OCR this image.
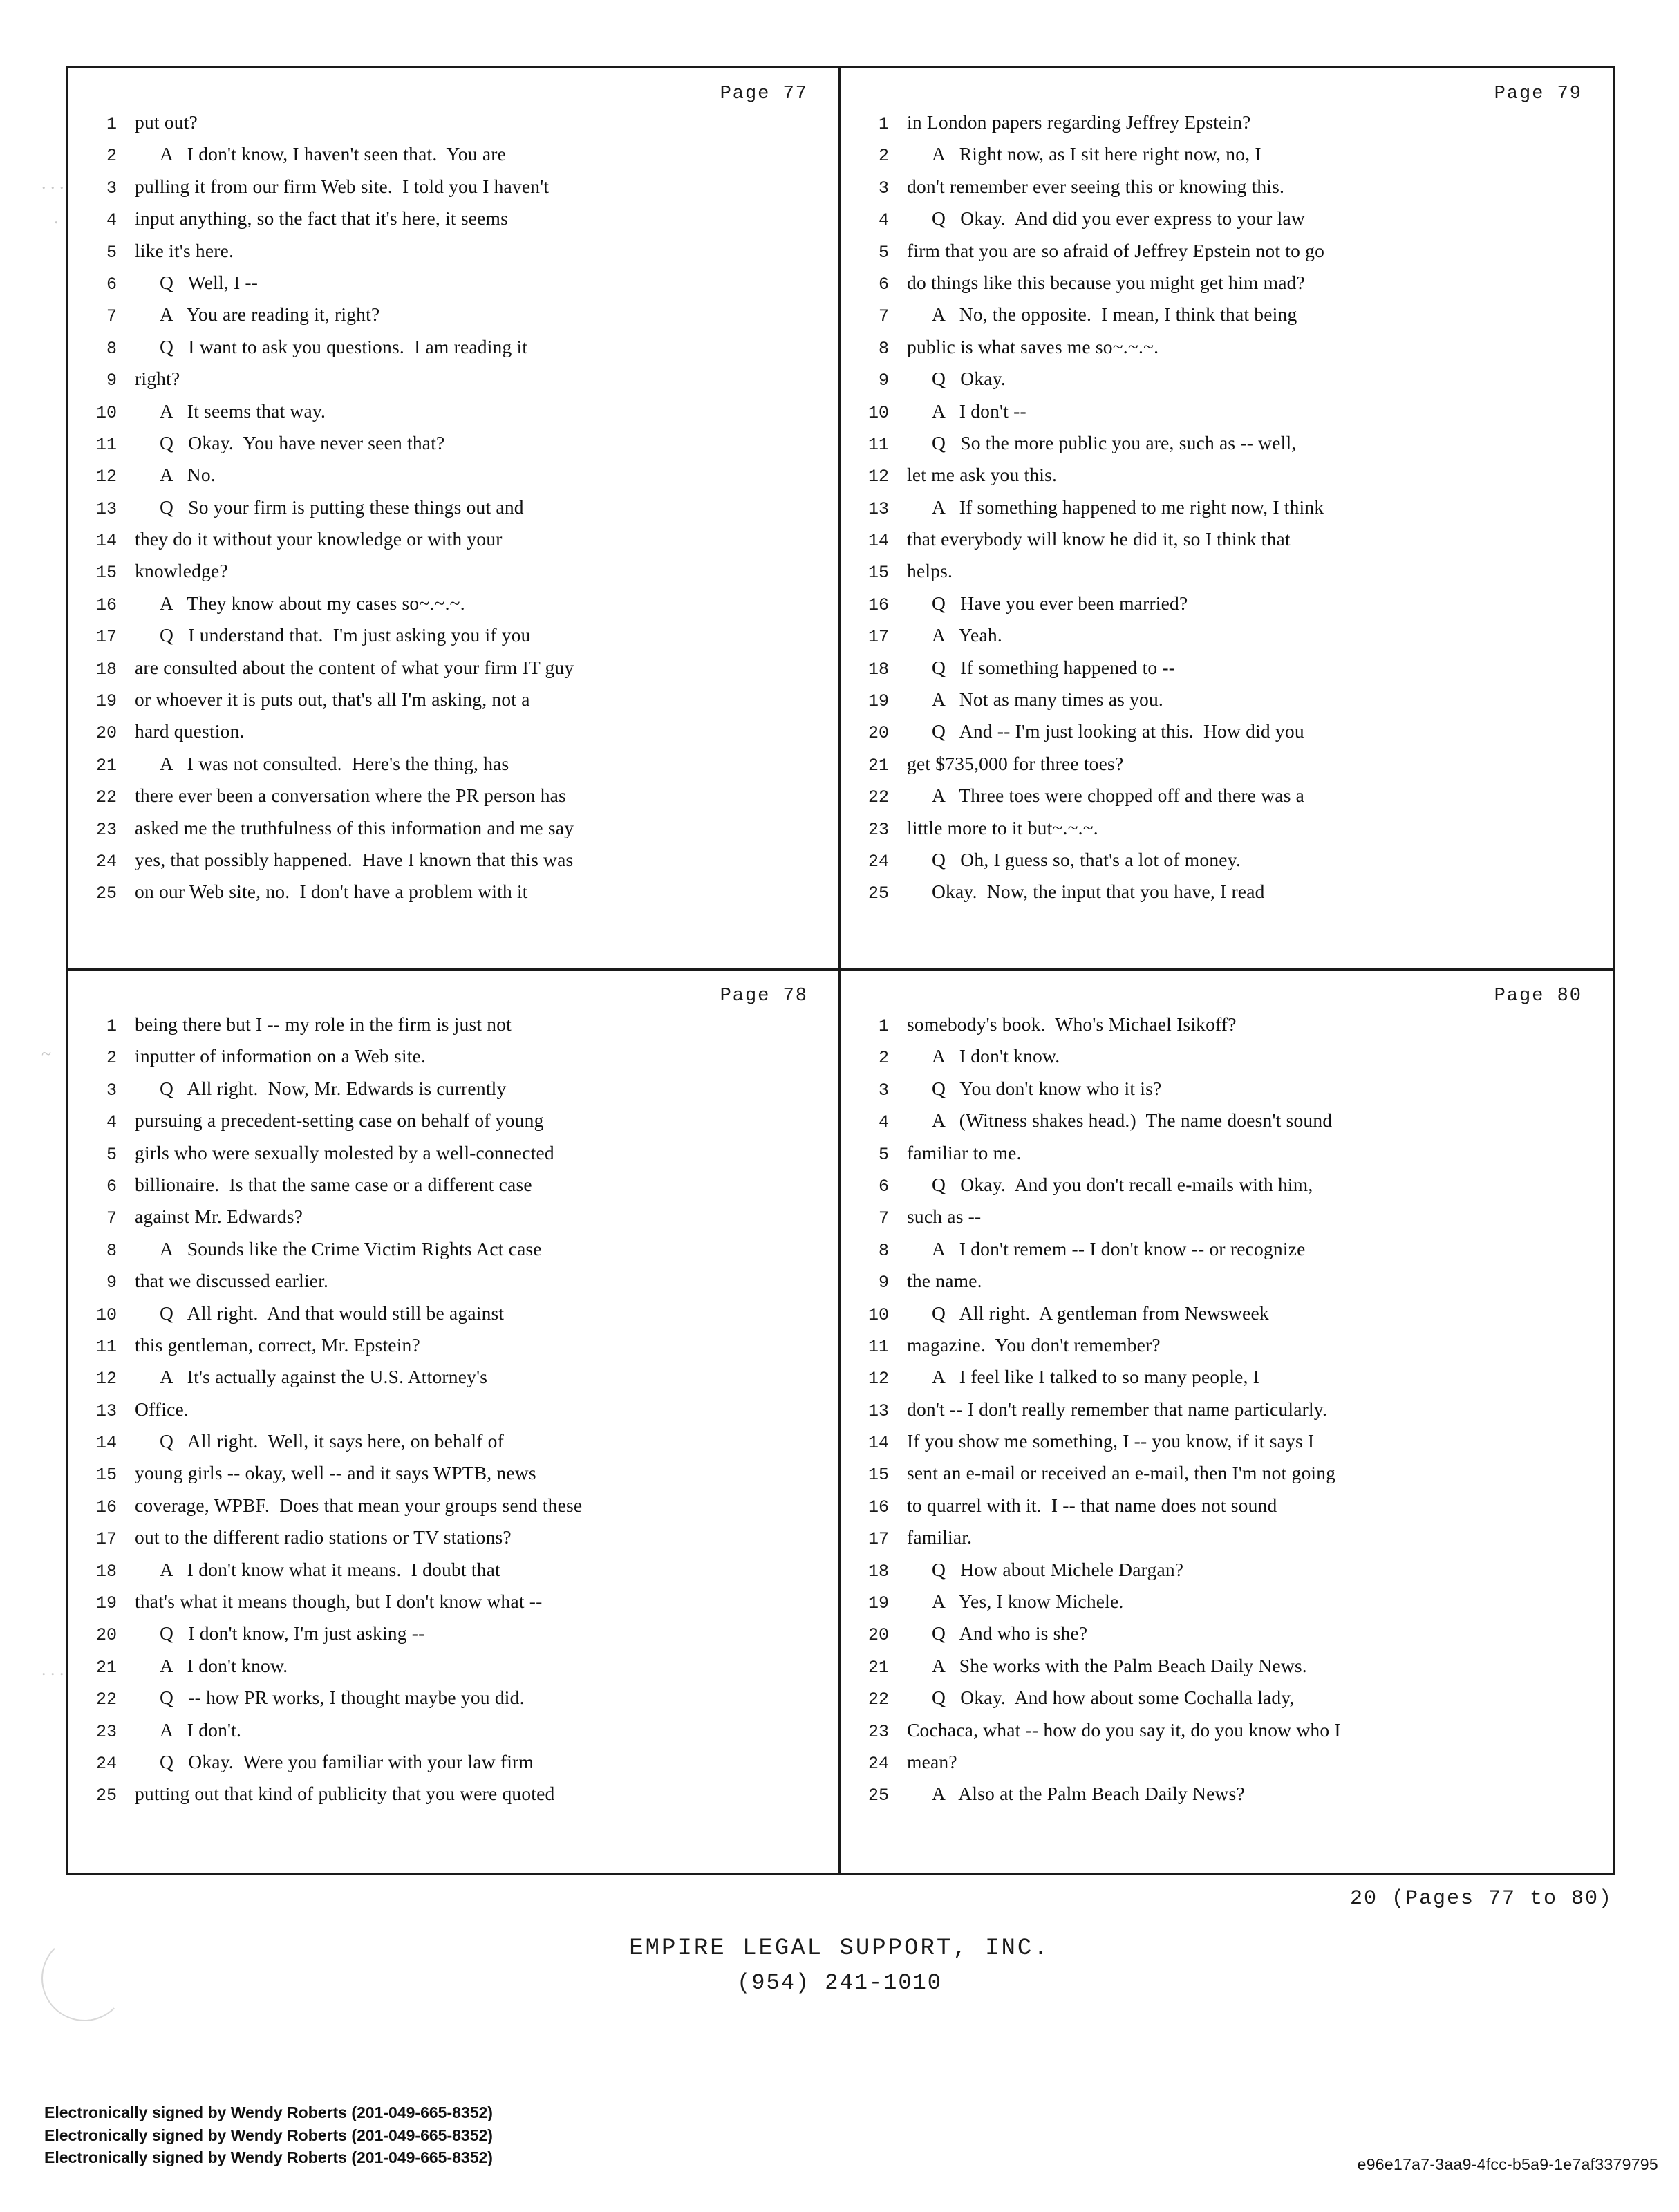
Page 77
1 put out?
2	A   I don't know, I haven't seen that.  You are
3 pulling it from our firm Web site.  I told you I haven't
4 input anything, so the fact that it's here, it seems
5 like it's here.
6	Q   Well, I --
7	A   You are reading it, right?
8	Q   I want to ask you questions.  I am reading it
9 right?
10	A   It seems that way.
11	Q   Okay.  You have never seen that?
12	A   No.
13	Q   So your firm is putting these things out and
14 they do it without your knowledge or with your
15 knowledge?
16	A   They know about my cases so~.~.~.
17	Q   I understand that.  I'm just asking you if you
18 are consulted about the content of what your firm IT guy
19 or whoever it is puts out, that's all I'm asking, not a
20 hard question.
21	A   I was not consulted.  Here's the thing, has
22 there ever been a conversation where the PR person has
23 asked me the truthfulness of this information and me say
24 yes, that possibly happened.  Have I known that this was
25 on our Web site, no.  I don't have a problem with it
Page 79
1 in London papers regarding Jeffrey Epstein?
2	A   Right now, as I sit here right now, no, I
3 don't remember ever seeing this or knowing this.
4	Q   Okay.  And did you ever express to your law
5 firm that you are so afraid of Jeffrey Epstein not to go
6 do things like this because you might get him mad?
7	A   No, the opposite.  I mean, I think that being
8 public is what saves me so~.~.~.
9	Q   Okay.
10	A   I don't --
11	Q   So the more public you are, such as -- well,
12 let me ask you this.
13	A   If something happened to me right now, I think
14 that everybody will know he did it, so I think that
15 helps.
16	Q   Have you ever been married?
17	A   Yeah.
18	Q   If something happened to --
19	A   Not as many times as you.
20	Q   And -- I'm just looking at this.  How did you
21 get $735,000 for three toes?
22	A   Three toes were chopped off and there was a
23 little more to it but~.~.~.
24	Q   Oh, I guess so, that's a lot of money.
25	Okay.  Now, the input that you have, I read
Page 78
1 being there but I -- my role in the firm is just not
2 inputter of information on a Web site.
3	Q   All right.  Now, Mr. Edwards is currently
4 pursuing a precedent-setting case on behalf of young
5 girls who were sexually molested by a well-connected
6 billionaire.  Is that the same case or a different case
7 against Mr. Edwards?
8	A   Sounds like the Crime Victim Rights Act case
9 that we discussed earlier.
10	Q   All right.  And that would still be against
11 this gentleman, correct, Mr. Epstein?
12	A   It's actually against the U.S. Attorney's
13 Office.
14	Q   All right.  Well, it says here, on behalf of
15 young girls -- okay, well -- and it says WPTB, news
16 coverage, WPBF.  Does that mean your groups send these
17 out to the different radio stations or TV stations?
18	A   I don't know what it means.  I doubt that
19 that's what it means though, but I don't know what --
20	Q   I don't know, I'm just asking --
21	A   I don't know.
22	Q   -- how PR works, I thought maybe you did.
23	A   I don't.
24	Q   Okay.  Were you familiar with your law firm
25 putting out that kind of publicity that you were quoted
Page 80
1 somebody's book.  Who's Michael Isikoff?
2	A   I don't know.
3	Q   You don't know who it is?
4	A   (Witness shakes head.)  The name doesn't sound
5 familiar to me.
6	Q   Okay.  And you don't recall e-mails with him,
7 such as --
8	A   I don't remem -- I don't know -- or recognize
9 the name.
10	Q   All right.  A gentleman from Newsweek
11 magazine.  You don't remember?
12	A   I feel like I talked to so many people, I
13 don't -- I don't really remember that name particularly.
14 If you show me something, I -- you know, if it says I
15 sent an e-mail or received an e-mail, then I'm not going
16 to quarrel with it.  I -- that name does not sound
17 familiar.
18	Q   How about Michele Dargan?
19	A   Yes, I know Michele.
20	Q   And who is she?
21	A   She works with the Palm Beach Daily News.
22	Q   Okay.  And how about some Cochalla lady,
23 Cochaca, what -- how do you say it, do you know who I
24 mean?
25	A   Also at the Palm Beach Daily News?
20 (Pages 77 to 80)
EMPIRE LEGAL SUPPORT, INC.
(954) 241-1010
. . .
.
~
. . .
Electronically signed by Wendy Roberts (201-049-665-8352)
Electronically signed by Wendy Roberts (201-049-665-8352)
Electronically signed by Wendy Roberts (201-049-665-8352)	e96e17a7-3aa9-4fcc-b5a9-1e7af3379795
